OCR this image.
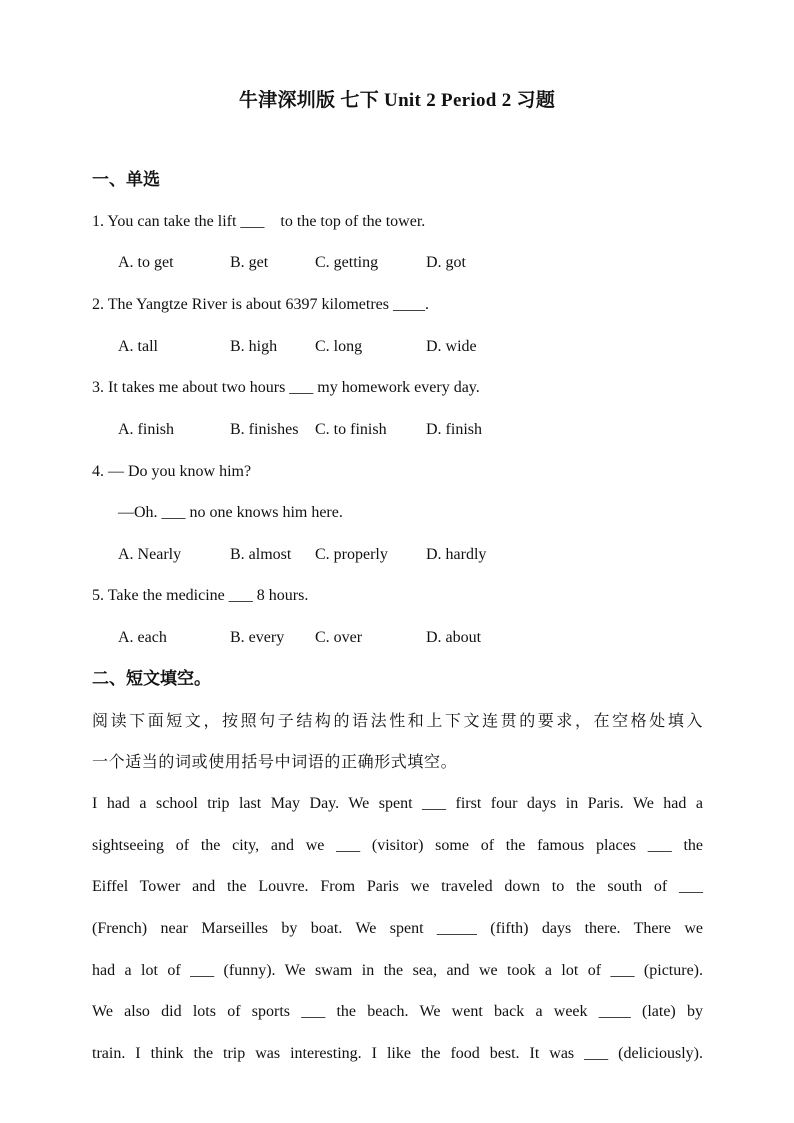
牛津深圳版 七下 Unit 2 Period 2 习题
一、单选
1. You can take the lift ___    to the top of the tower.
A. to get	B. get	C. getting	D. got
2. The Yangtze River is about 6397 kilometres ____.
A. tall	B. high C. long	D. wide
3. It takes me about two hours ___ my homework every day.
A. finish	B. finishes C. to finish D. finish
4. — Do you know him?
—Oh. ___ no one knows him here.
A. Nearly	B. almost C. properly D. hardly
5. Take the medicine ___ 8 hours.
A. each	B. every C. over	D. about
二、短文填空。
阅读下面短文，按照句子结构的语法性和上下文连贯的要求，在空格处填入
一个适当的词或使用括号中词语的正确形式填空。
I had a school trip last May Day. We spent ___ first four days in Paris. We had a
sightseeing of the city, and we ___ (visitor) some of the famous places ___ the
Eiffel Tower and the Louvre. From Paris we traveled down to the south of ___
(French) near Marseilles by boat. We spent _____ (fifth) days there. There we
had a lot of ___ (funny). We swam in the sea, and we took a lot of ___ (picture).
We also did lots of sports ___ the beach. We went back a week ____ (late) by
train. I think the trip was interesting. I like the food best. It was ___ (deliciously).
